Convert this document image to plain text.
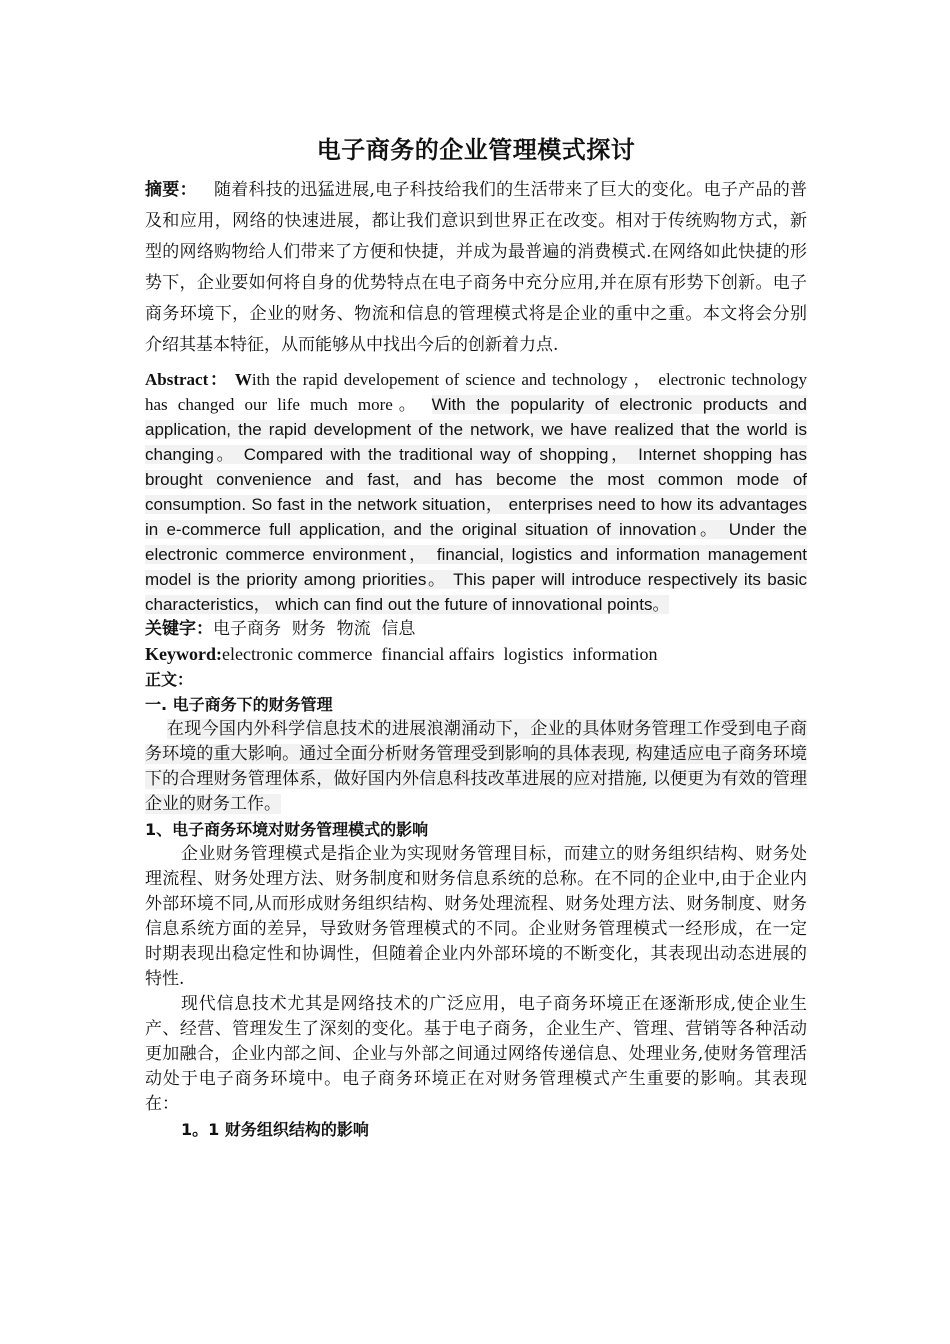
电子商务的企业管理模式探讨

摘要： 随着科技的迅猛进展,电子科技给我们的生活带来了巨大的变化。电子产品的普及和应用，网络的快速进展，都让我们意识到世界正在改变。相对于传统购物方式，新型的网络购物给人们带来了方便和快捷，并成为最普遍的消费模式.在网络如此快捷的形势下，企业要如何将自身的优势特点在电子商务中充分应用,并在原有形势下创新。电子商务环境下，企业的财务、物流和信息的管理模式将是企业的重中之重。本文将会分别介绍其基本特征，从而能够从中找出今后的创新着力点.

Abstract： With the rapid developement of science and technology ， electronic technology has changed our life much more。 With the popularity of electronic products and application, the rapid development of the network, we have realized that the world is changing。 Compared with the traditional way of shopping， Internet shopping has brought convenience and fast, and has become the most common mode of consumption. So fast in the network situation， enterprises need to how its advantages in e-commerce full application, and the original situation of innovation。 Under the electronic commerce environment， financial, logistics and information management model is the priority among priorities。 This paper will introduce respectively its basic characteristics， which can find out the future of innovational points。

关键字：电子商务  财务  物流  信息

Keyword:electronic commerce  financial affairs  logistics  information

正文：

一. 电子商务下的财务管理

在现今国内外科学信息技术的进展浪潮涌动下，企业的具体财务管理工作受到电子商务环境的重大影响。通过全面分析财务管理受到影响的具体表现, 构建适应电子商务环境下的合理财务管理体系，做好国内外信息科技改革进展的应对措施, 以便更为有效的管理企业的财务工作。

1、电子商务环境对财务管理模式的影响

企业财务管理模式是指企业为实现财务管理目标，而建立的财务组织结构、财务处理流程、财务处理方法、财务制度和财务信息系统的总称。在不同的企业中,由于企业内外部环境不同,从而形成财务组织结构、财务处理流程、财务处理方法、财务制度、财务信息系统方面的差异，导致财务管理模式的不同。企业财务管理模式一经形成，在一定时期表现出稳定性和协调性，但随着企业内外部环境的不断变化，其表现出动态进展的特性.

现代信息技术尤其是网络技术的广泛应用，电子商务环境正在逐渐形成,使企业生产、经营、管理发生了深刻的变化。基于电子商务，企业生产、管理、营销等各种活动更加融合，企业内部之间、企业与外部之间通过网络传递信息、处理业务,使财务管理活动处于电子商务环境中。电子商务环境正在对财务管理模式产生重要的影响。其表现在：

1。1 财务组织结构的影响
